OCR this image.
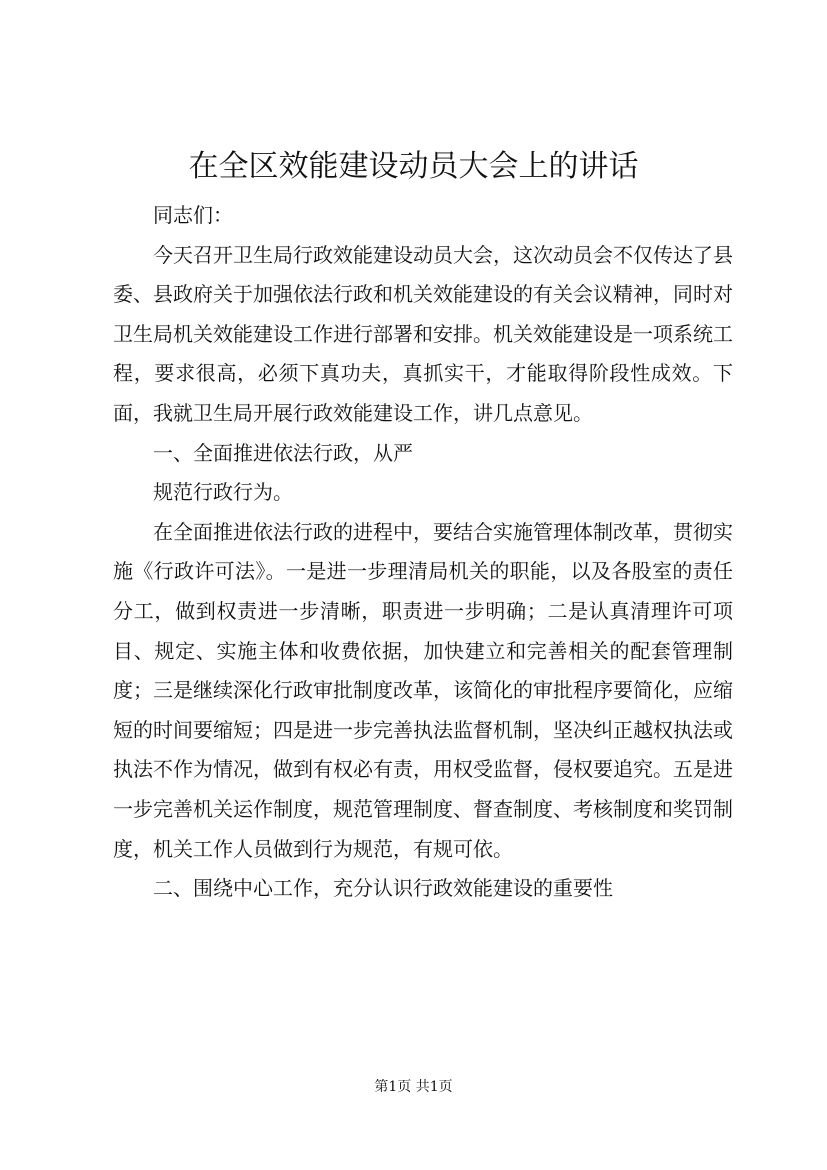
在全区效能建设动员大会上的讲话

同志们：

今天召开卫生局行政效能建设动员大会，这次动员会不仅传达了县委、县政府关于加强依法行政和机关效能建设的有关会议精神，同时对卫生局机关效能建设工作进行部署和安排。机关效能建设是一项系统工程，要求很高，必须下真功夫，真抓实干，才能取得阶段性成效。下面，我就卫生局开展行政效能建设工作，讲几点意见。

一、全面推进依法行政，从严

规范行政行为。

在全面推进依法行政的进程中，要结合实施管理体制改革，贯彻实施《行政许可法》。一是进一步理清局机关的职能，以及各股室的责任分工，做到权责进一步清晰，职责进一步明确；二是认真清理许可项目、规定、实施主体和收费依据，加快建立和完善相关的配套管理制度；三是继续深化行政审批制度改革，该简化的审批程序要简化，应缩短的时间要缩短；四是进一步完善执法监督机制，坚决纠正越权执法或执法不作为情况，做到有权必有责，用权受监督，侵权要追究。五是进一步完善机关运作制度，规范管理制度、督查制度、考核制度和奖罚制度，机关工作人员做到行为规范，有规可依。

二、围绕中心工作，充分认识行政效能建设的重要性

第1页 共1页
